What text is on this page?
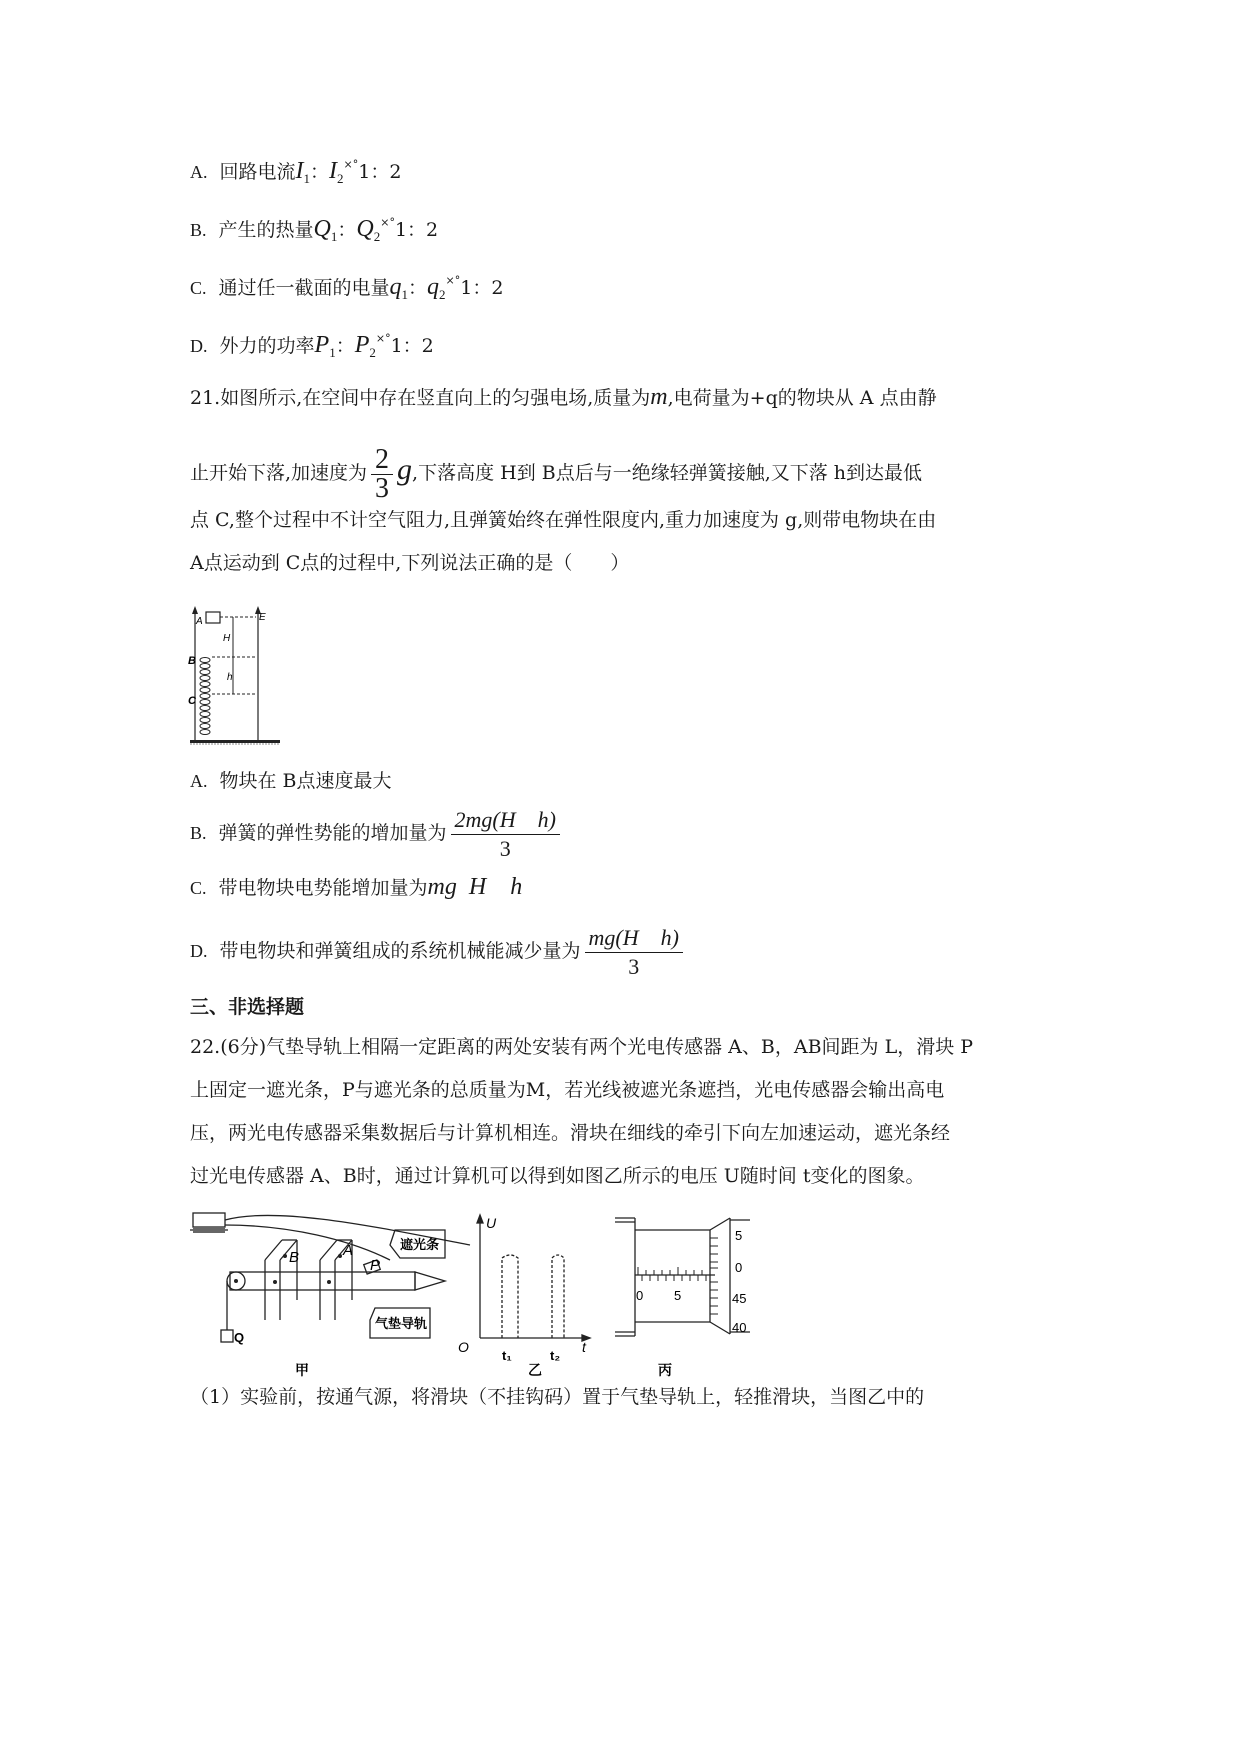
A. 回路电流$I_1$：$I_2^{\times^\circ}1$：2
B. 产生的热量$Q_1$：$Q_2^{\times^\circ}1$：2
C. 通过任一截面的电量$q_1$：$q_2^{\times^\circ}1$：2
D. 外力的功率$P_1$：$P_2^{\times^\circ}1$：2
21.如图所示,在空间中存在竖直向上的匀强电场,质量为m,电荷量为+q的物块从 A 点由静
止开始下落,加速度为 $\frac{2}{3} g$,下落高度 H到 B点后与一绝缘轻弹簧接触,又下落 h到达最低
点 C,整个过程中不计空气阻力,且弹簧始终在弹性限度内,重力加速度为 g,则带电物块在由
A点运动到 C点的过程中,下列说法正确的是（　　）
A	E
H
h
B
C
A. 物块在 B点速度最大
B. 弹簧的弹性势能的增加量为 $\frac{\text{2mg(H    h)}}{3}$
C. 带电物块电势能增加量为mg  H    h
D. 带电物块和弹簧组成的系统机械能减少量为 $\frac{\text{mg(H    h)}}{3}$
三、非选择题
22.(6分)气垫导轨上相隔一定距离的两处安装有两个光电传感器 A、B，AB间距为 L，滑块 P
上固定一遮光条，P与遮光条的总质量为M，若光线被遮光条遮挡，光电传感器会输出高电
压，两光电传感器采集数据后与计算机相连。滑块在细线的牵引下向左加速运动，遮光条经
过光电传感器 A、B时，通过计算机可以得到如图乙所示的电压 U随时间 t变化的图象。
B	A
P
Q
遮光条
气垫导轨
甲
U
O	t
t₁	t₂
乙
5
0
45
40
0 5
丙
（1）实验前，按通气源，将滑块（不挂钩码）置于气垫导轨上，轻推滑块，当图乙中的
